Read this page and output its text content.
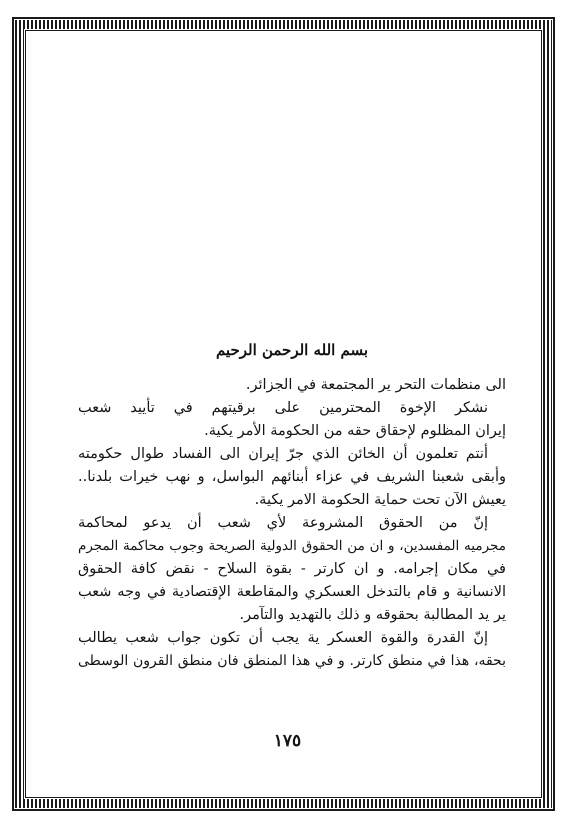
بسم الله الرحمن الرحيم

الى منظمات التحر ير المجتمعة في الجزائر.

نشكر الإخوة المحترمين على برقيتهم في تأييد شعب

إيران المظلوم لإحقاق حقه من الحكومة الأمر يكية.

أنتم تعلمون أن الخائن الذي جرّ إيران الى الفساد طوال حكومته

وأبقى شعبنا الشريف في عزاء أبنائهم البواسل، و نهب خيرات بلدنا..

يعيش الآن تحت حماية الحكومة الامر يكية.

إنّ من الحقوق المشروعة لأي شعب أن يدعو لمحاكمة

مجرميه المفسدين، و ان من الحقوق الدولية الصريحة وجوب محاكمة المجرم

في مكان إجرامه. و ان كارتر - بقوة السلاح - نقض كافة الحقوق

الانسانية و قام بالتدخل العسكري والمقاطعة الإقتصادية في وجه شعب

ير يد المطالبة بحقوقه و ذلك بالتهديد والتآمر.

إنّ القدرة والقوة العسكر ية يجب أن تكون جواب شعب يطالب

بحقه، هذا في منطق كارتر. و في هذا المنطق فان منطق القرون الوسطى

١٧٥
